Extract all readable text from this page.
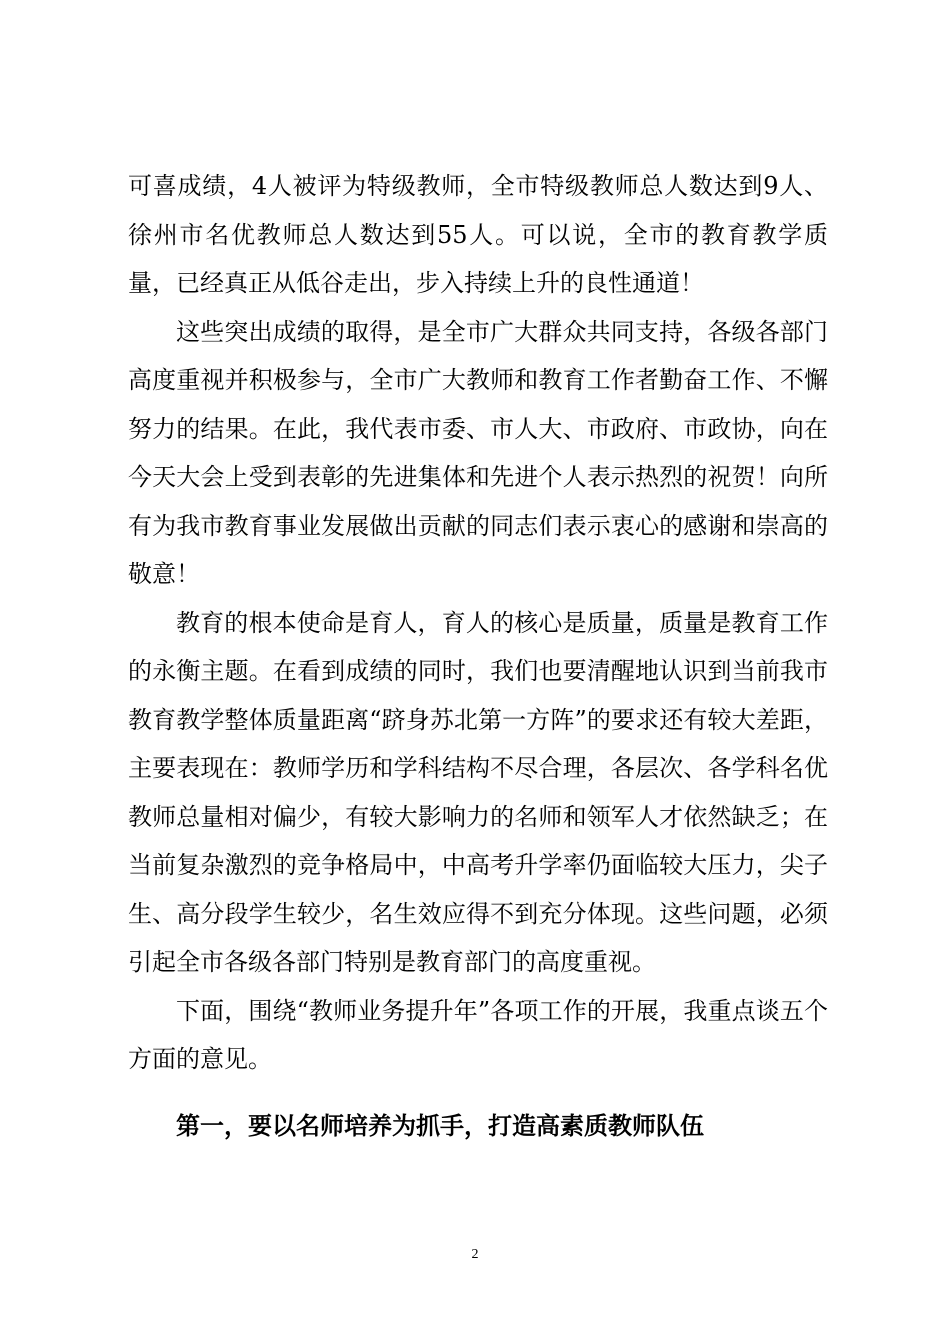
可喜成绩，4人被评为特级教师，全市特级教师总人数达到9人、徐州市名优教师总人数达到55人。可以说，全市的教育教学质量，已经真正从低谷走出，步入持续上升的良性通道！

这些突出成绩的取得，是全市广大群众共同支持，各级各部门高度重视并积极参与，全市广大教师和教育工作者勤奋工作、不懈努力的结果。在此，我代表市委、市人大、市政府、市政协，向在今天大会上受到表彰的先进集体和先进个人表示热烈的祝贺！向所有为我市教育事业发展做出贡献的同志们表示衷心的感谢和崇高的敬意！

教育的根本使命是育人，育人的核心是质量，质量是教育工作的永衡主题。在看到成绩的同时，我们也要清醒地认识到当前我市教育教学整体质量距离“跻身苏北第一方阵”的要求还有较大差距，主要表现在：教师学历和学科结构不尽合理，各层次、各学科名优教师总量相对偏少，有较大影响力的名师和领军人才依然缺乏；在当前复杂激烈的竞争格局中，中高考升学率仍面临较大压力，尖子生、高分段学生较少，名生效应得不到充分体现。这些问题，必须引起全市各级各部门特别是教育部门的高度重视。

下面，围绕“教师业务提升年”各项工作的开展，我重点谈五个方面的意见。

第一，要以名师培养为抓手，打造高素质教师队伍

2
